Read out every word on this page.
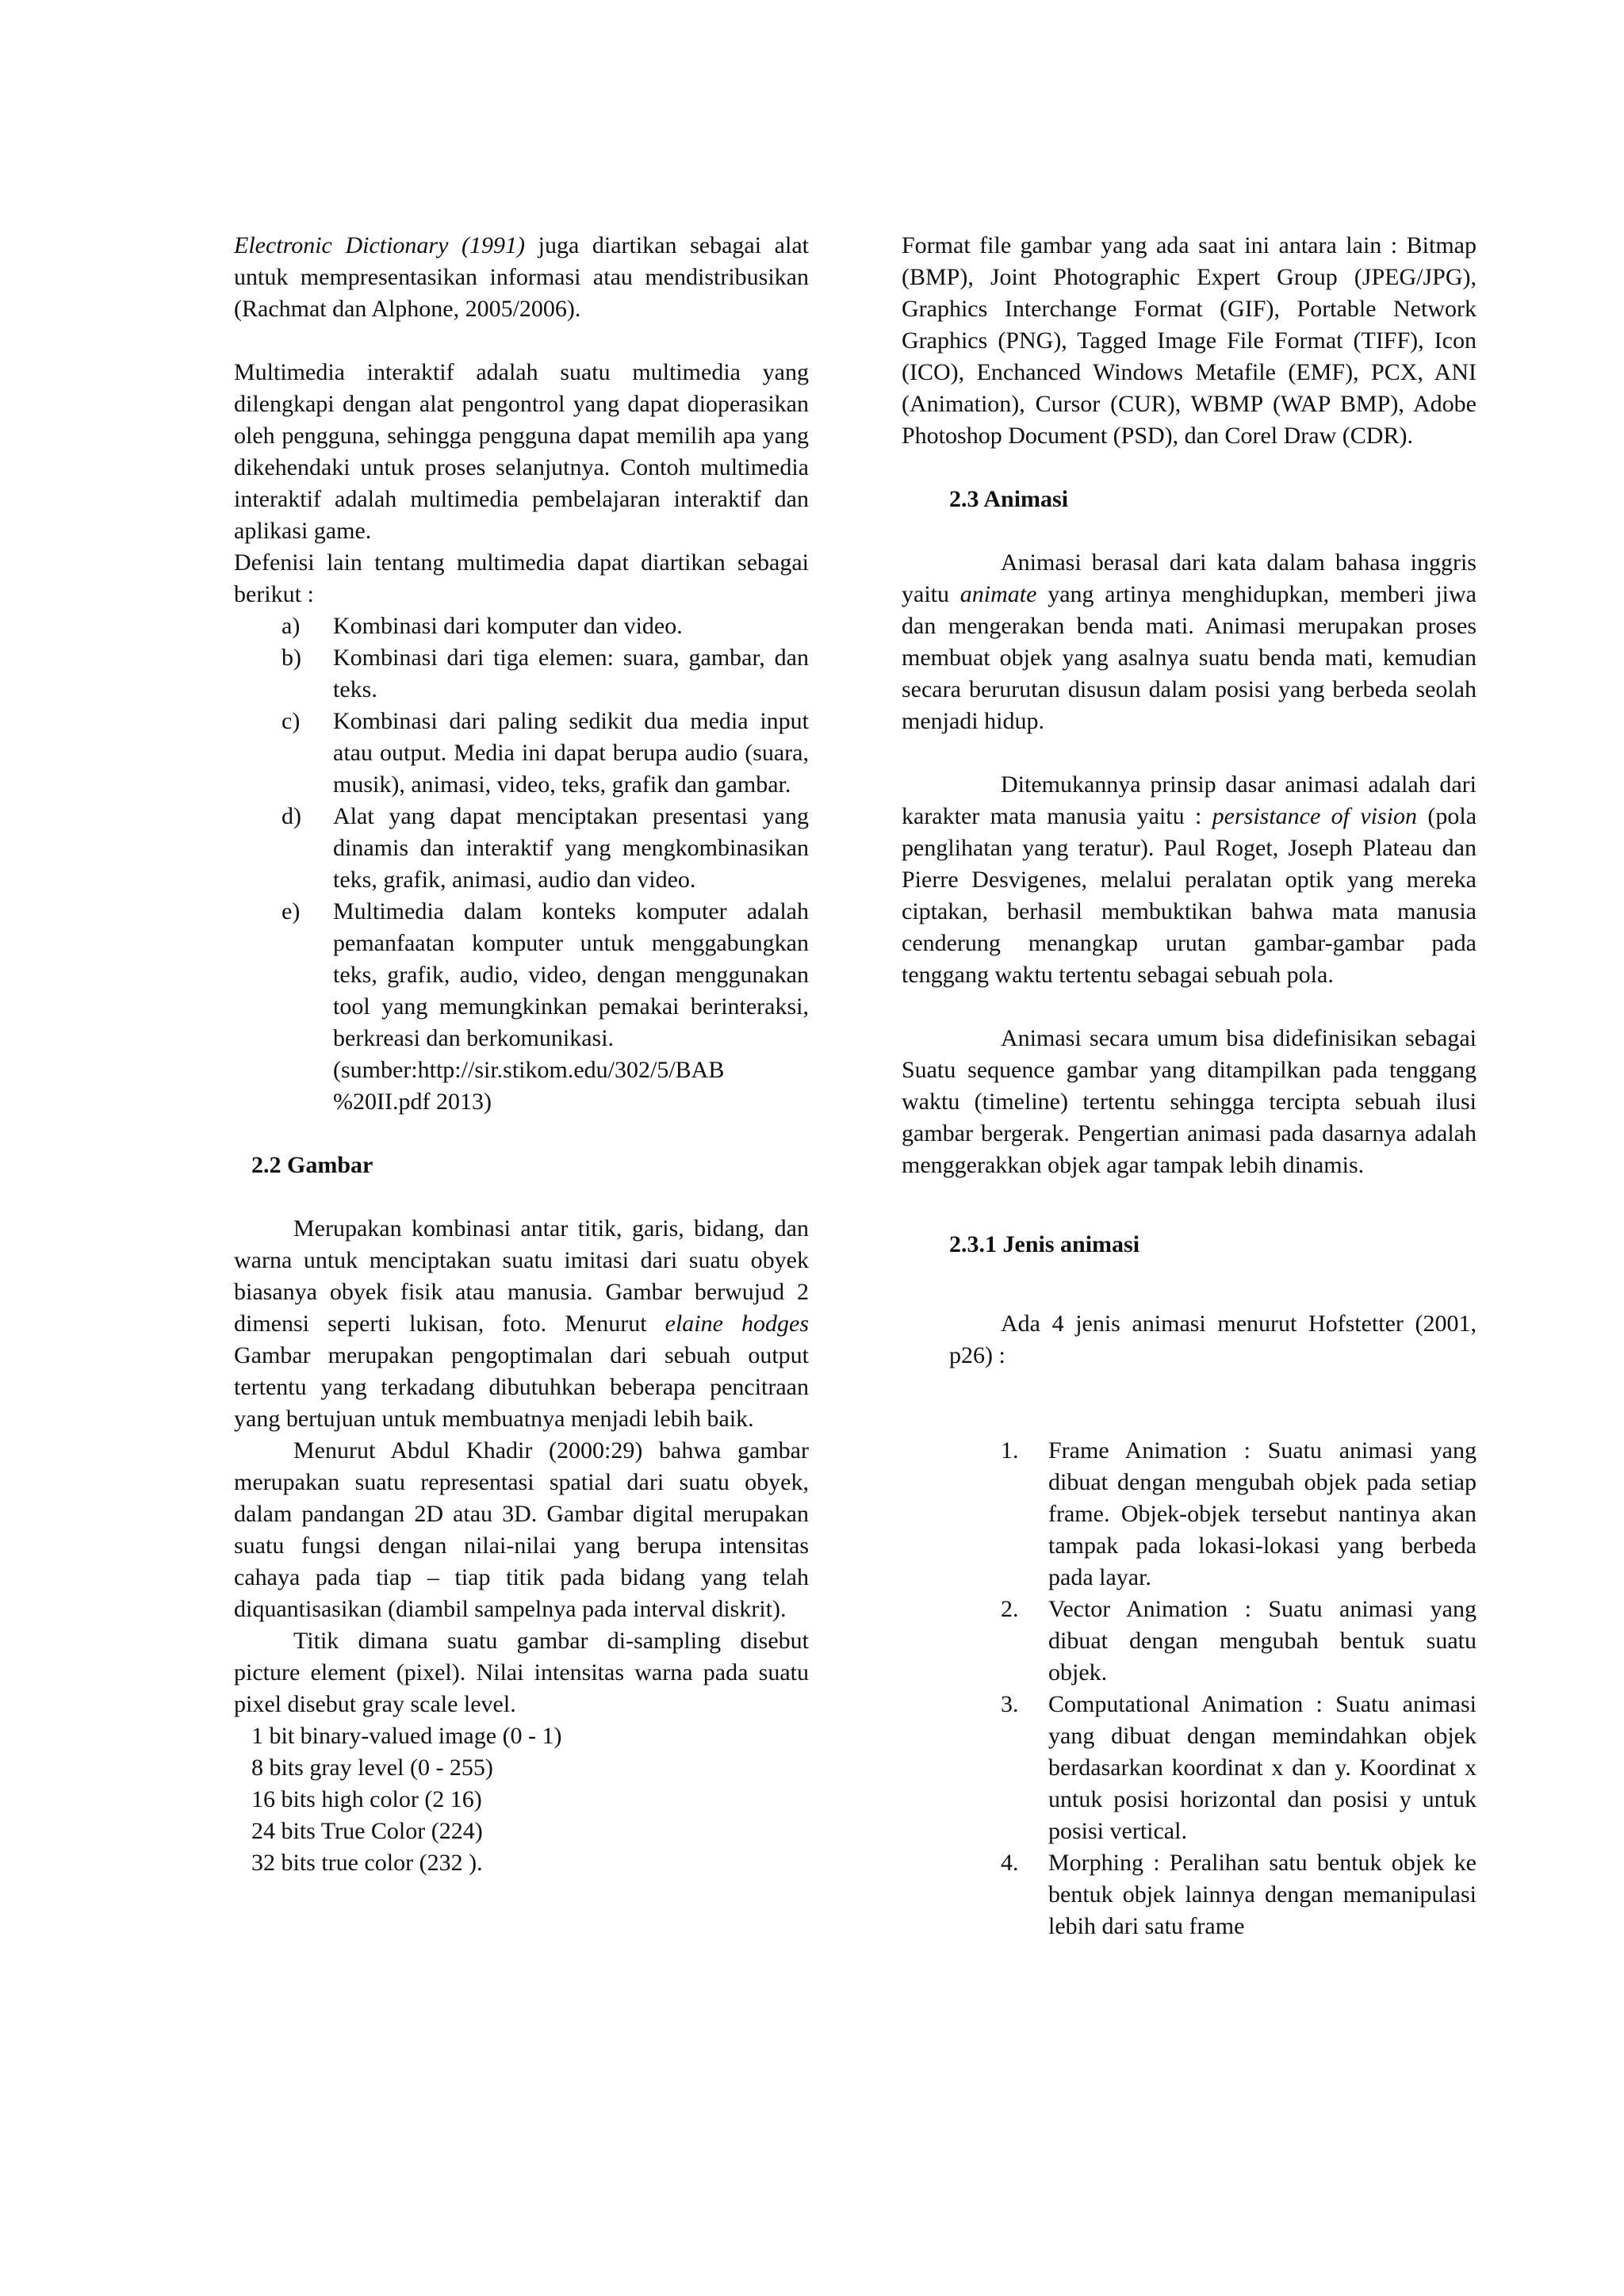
Electronic Dictionary (1991) juga diartikan sebagai alat untuk mempresentasikan informasi atau mendistribusikan (Rachmat dan Alphone, 2005/2006).

Multimedia interaktif adalah suatu multimedia yang dilengkapi dengan alat pengontrol yang dapat dioperasikan oleh pengguna, sehingga pengguna dapat memilih apa yang dikehendaki untuk proses selanjutnya. Contoh multimedia interaktif adalah multimedia pembelajaran interaktif dan aplikasi game.

Defenisi lain tentang multimedia dapat diartikan sebagai berikut :

a) Kombinasi dari komputer dan video.
b) Kombinasi dari tiga elemen: suara, gambar, dan teks.
c) Kombinasi dari paling sedikit dua media input atau output. Media ini dapat berupa audio (suara, musik), animasi, video, teks, grafik dan gambar.
d) Alat yang dapat menciptakan presentasi yang dinamis dan interaktif yang mengkombinasikan teks, grafik, animasi, audio dan video.
e) Multimedia dalam konteks komputer adalah pemanfaatan komputer untuk menggabungkan teks, grafik, audio, video, dengan menggunakan tool yang memungkinkan pemakai berinteraksi, berkreasi dan berkomunikasi.

(sumber:http://sir.stikom.edu/302/5/BAB %20II.pdf 2013)

2.2 Gambar

Merupakan kombinasi antar titik, garis, bidang, dan warna untuk menciptakan suatu imitasi dari suatu obyek biasanya obyek fisik atau manusia. Gambar berwujud 2 dimensi seperti lukisan, foto. Menurut elaine hodges Gambar merupakan pengoptimalan dari sebuah output tertentu yang terkadang dibutuhkan beberapa pencitraan yang bertujuan untuk membuatnya menjadi lebih baik.

Menurut Abdul Khadir (2000:29) bahwa gambar merupakan suatu representasi spatial dari suatu obyek, dalam pandangan 2D atau 3D. Gambar digital merupakan suatu fungsi dengan nilai-nilai yang berupa intensitas cahaya pada tiap – tiap titik pada bidang yang telah diquantisasikan (diambil sampelnya pada interval diskrit).

Titik dimana suatu gambar di-sampling disebut picture element (pixel). Nilai intensitas warna pada suatu pixel disebut gray scale level.

1 bit binary-valued image (0 - 1)
8 bits gray level (0 - 255)
16 bits high color (2 16)
24 bits True Color (224)
32 bits true color (232 ).

Format file gambar yang ada saat ini antara lain : Bitmap (BMP), Joint Photographic Expert Group (JPEG/JPG), Graphics Interchange Format (GIF), Portable Network Graphics (PNG), Tagged Image File Format (TIFF), Icon (ICO), Enchanced Windows Metafile (EMF), PCX, ANI (Animation), Cursor (CUR), WBMP (WAP BMP), Adobe Photoshop Document (PSD), dan Corel Draw (CDR).

2.3 Animasi

Animasi berasal dari kata dalam bahasa inggris yaitu animate yang artinya menghidupkan, memberi jiwa dan mengerakan benda mati. Animasi merupakan proses membuat objek yang asalnya suatu benda mati, kemudian secara berurutan disusun dalam posisi yang berbeda seolah menjadi hidup.

Ditemukannya prinsip dasar animasi adalah dari karakter mata manusia yaitu : persistance of vision (pola penglihatan yang teratur). Paul Roget, Joseph Plateau dan Pierre Desvigenes, melalui peralatan optik yang mereka ciptakan, berhasil membuktikan bahwa mata manusia cenderung menangkap urutan gambar-gambar pada tenggang waktu tertentu sebagai sebuah pola.

Animasi secara umum bisa didefinisikan sebagai Suatu sequence gambar yang ditampilkan pada tenggang waktu (timeline) tertentu sehingga tercipta sebuah ilusi gambar bergerak. Pengertian animasi pada dasarnya adalah menggerakkan objek agar tampak lebih dinamis.

2.3.1 Jenis animasi

Ada 4 jenis animasi menurut Hofstetter (2001, p26) :

1. Frame Animation : Suatu animasi yang dibuat dengan mengubah objek pada setiap frame. Objek-objek tersebut nantinya akan tampak pada lokasi-lokasi yang berbeda pada layar.
2. Vector Animation : Suatu animasi yang dibuat dengan mengubah bentuk suatu objek.
3. Computational Animation : Suatu animasi yang dibuat dengan memindahkan objek berdasarkan koordinat x dan y. Koordinat x untuk posisi horizontal dan posisi y untuk posisi vertical.
4. Morphing : Peralihan satu bentuk objek ke bentuk objek lainnya dengan memanipulasi lebih dari satu frame
